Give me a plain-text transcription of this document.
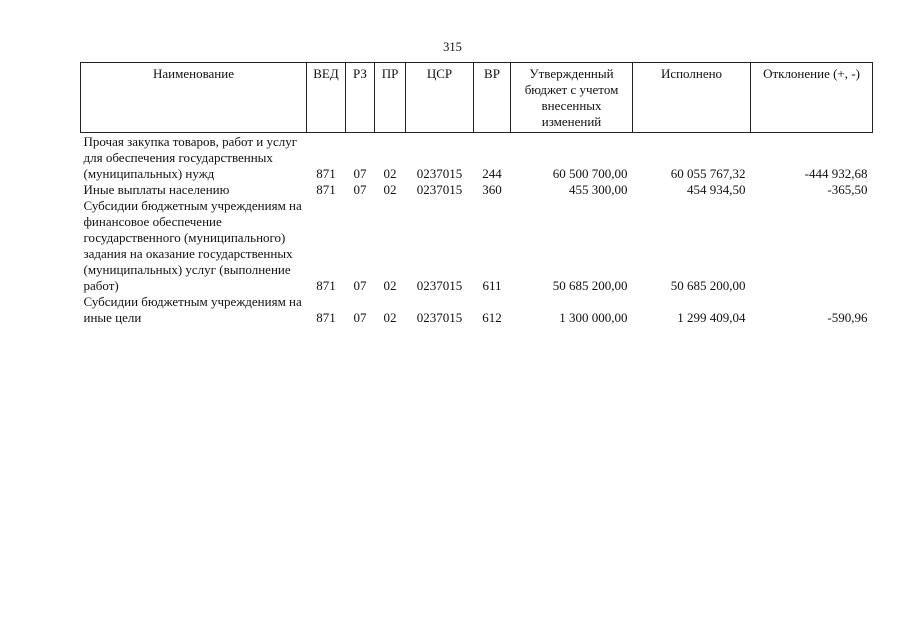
315
Наименование	ВЕД	РЗ	ПР	ЦСР	ВР	Утвержденный бюджет с учетом внесенных изменений	Исполнено	Отклонение (+, -)
Прочая закупка товаров, работ и услуг для обеспечения государственных (муниципальных) нужд	871	07	02	0237015	244	60 500 700,00	60 055 767,32	-444 932,68
Иные выплаты населению	871	07	02	0237015	360	455 300,00	454 934,50	-365,50
Субсидии бюджетным учреждениям на финансовое обеспечение государственного (муниципального) задания на оказание государственных (муниципальных) услуг (выполнение работ)	871	07	02	0237015	611	50 685 200,00	50 685 200,00	
Субсидии бюджетным учреждениям на иные цели	871	07	02	0237015	612	1 300 000,00	1 299 409,04	-590,96
